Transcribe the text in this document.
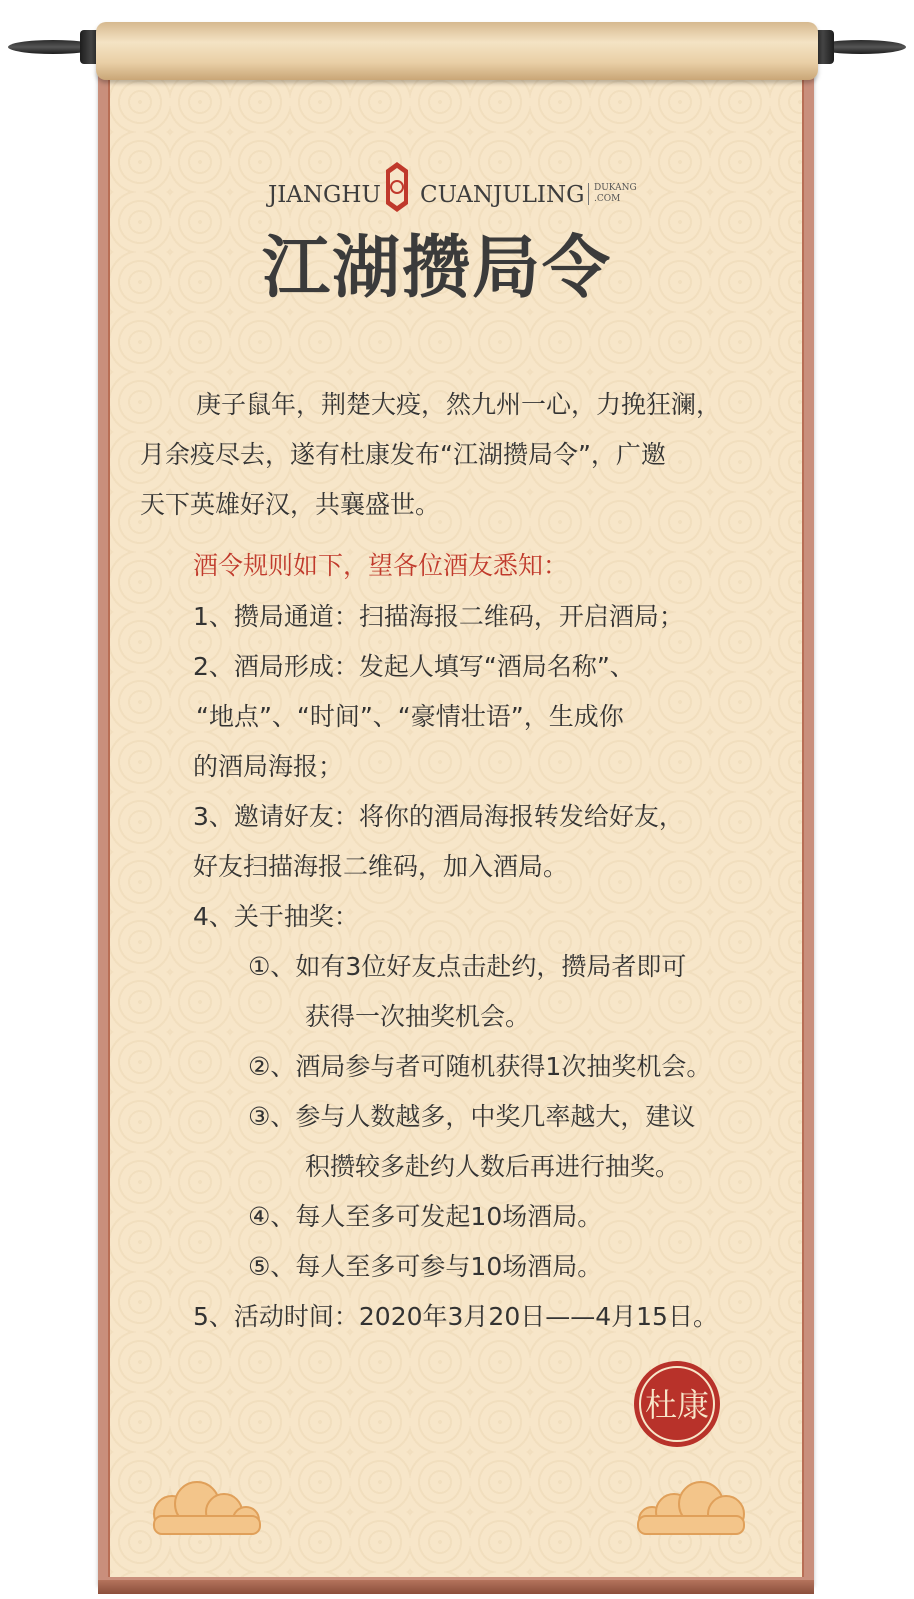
JIANGHU CUANJULING DUKANG
.COM
江湖攒局令
庚子鼠年，荆楚大疫，然九州一心，力挽狂澜，
月余疫尽去，遂有杜康发布“江湖攒局令”，广邀
天下英雄好汉，共襄盛世。
酒令规则如下，望各位酒友悉知：
1、攒局通道：扫描海报二维码，开启酒局；
2、酒局形成：发起人填写“酒局名称”、
“地点”、“时间”、“豪情壮语”，生成你
的酒局海报；
3、邀请好友：将你的酒局海报转发给好友，
好友扫描海报二维码，加入酒局。
4、关于抽奖：
①、如有3位好友点击赴约，攒局者即可
获得一次抽奖机会。
②、酒局参与者可随机获得1次抽奖机会。
③、参与人数越多，中奖几率越大，建议
积攒较多赴约人数后再进行抽奖。
④、每人至多可发起10场酒局。
⑤、每人至多可参与10场酒局。
5、活动时间：2020年3月20日——4月15日。
杜康
